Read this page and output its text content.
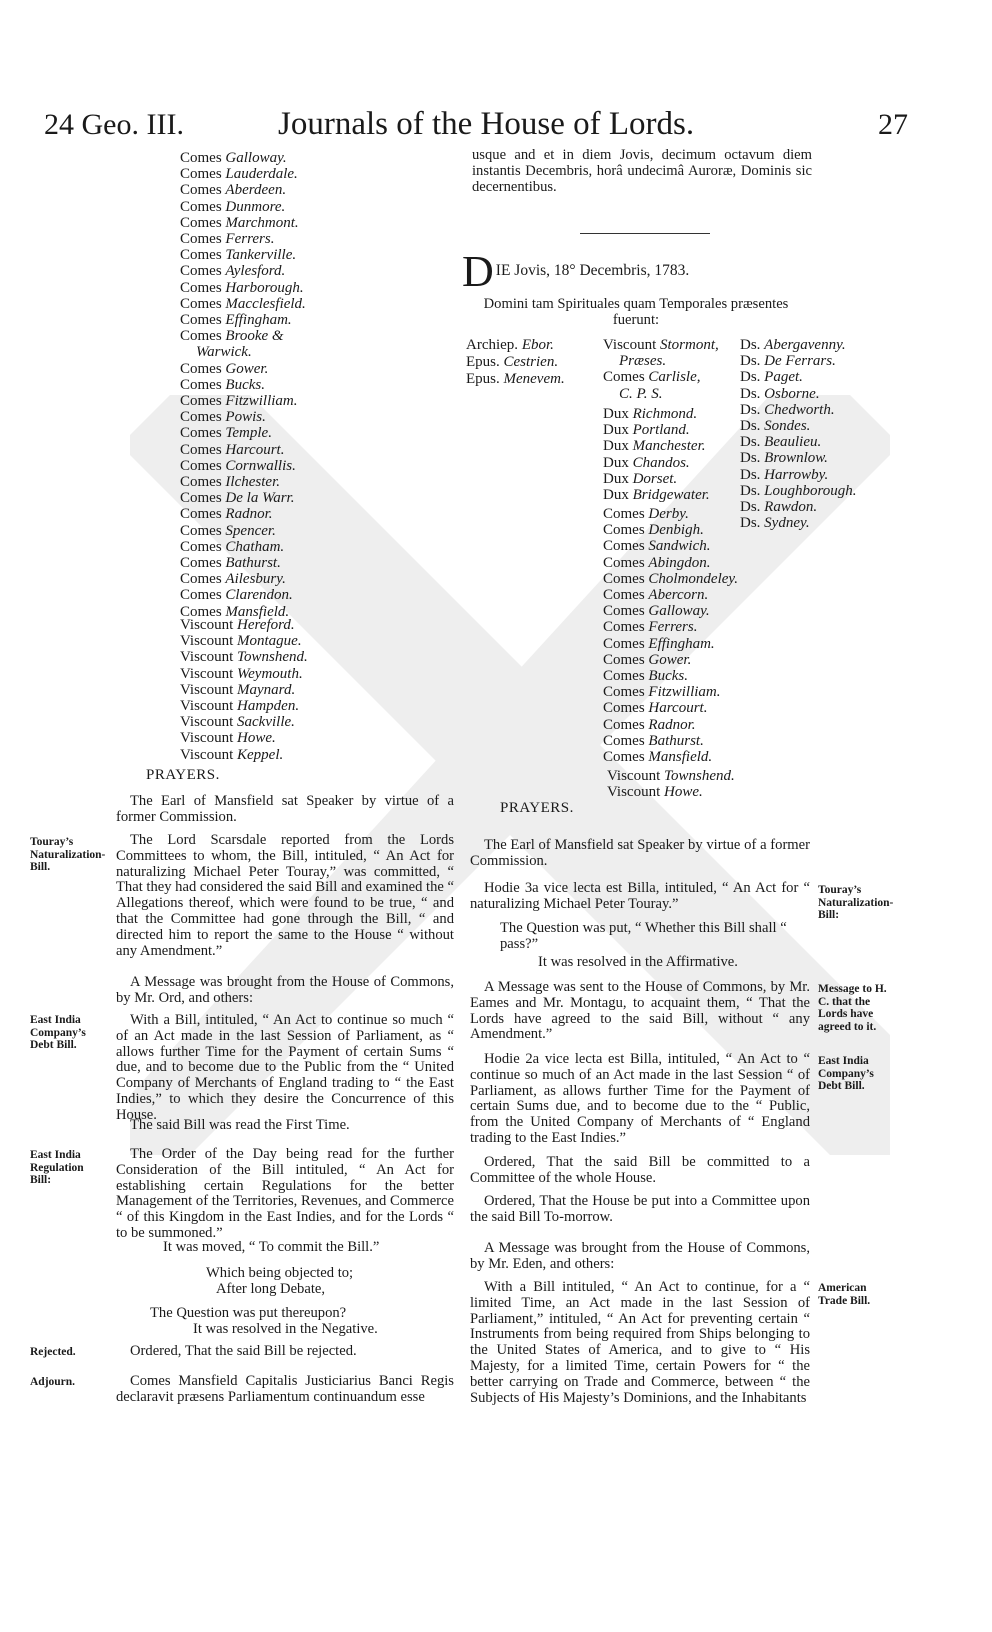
24 Geo. III.	Journals of the House of Lords.	27
Comes Galloway.
Comes Lauderdale.
Comes Aberdeen.
Comes Dunmore.
Comes Marchmont.
Comes Ferrers.
Comes Tankerville.
Comes Aylesford.
Comes Harborough.
Comes Macclesfield.
Comes Effingham.
Comes Brooke &
Warwick.
Comes Gower.
Comes Bucks.
Comes Fitzwilliam.
Comes Powis.
Comes Temple.
Comes Harcourt.
Comes Cornwallis.
Comes Ilchester.
Comes De la Warr.
Comes Radnor.
Comes Spencer.
Comes Chatham.
Comes Bathurst.
Comes Ailesbury.
Comes Clarendon.
Comes Mansfield.
Viscount Hereford.
Viscount Montague.
Viscount Townshend.
Viscount Weymouth.
Viscount Maynard.
Viscount Hampden.
Viscount Sackville.
Viscount Howe.
Viscount Keppel.
PRAYERS.
The Earl of Mansfield sat Speaker by virtue of a former Commission.
The Lord Scarsdale reported from the Lords Committees to whom, the Bill, intituled, “ An Act for naturalizing Michael Peter Touray,” was committed, “ That they had considered the said Bill and examined the “ Allegations thereof, which were found to be true, “ and that the Committee had gone through the Bill, “ and directed him to report the same to the House “ without any Amendment.”
A Message was brought from the House of Commons, by Mr. Ord, and others:
With a Bill, intituled, “ An Act to continue so much “ of an Act made in the last Session of Parliament, as “ allows further Time for the Payment of certain Sums “ due, and to become due to the Public from the “ United Company of Merchants of England trading to “ the East Indies,” to which they desire the Concurrence of this House.
The said Bill was read the First Time.
The Order of the Day being read for the further Consideration of the Bill intituled, “ An Act for establishing certain Regulations for the better Management of the Territories, Revenues, and Commerce “ of this Kingdom in the East Indies, and for the Lords “ to be summoned.”
It was moved, “ To commit the Bill.”
Which being objected to;
After long Debate,
The Question was put thereupon?
It was resolved in the Negative.
Ordered, That the said Bill be rejected.
Comes Mansfield Capitalis Justiciarius Banci Regis declaravit præsens Parliamentum continuandum esse
Touray’s Naturalization-Bill.
East India Company’s Debt Bill.
East India Regulation Bill:
Rejected.
Adjourn.
usque and et in diem Jovis, decimum octavum diem instantis Decembris, horâ undecimâ Auroræ, Dominis sic decernentibus.
D IE Jovis, 18° Decembris, 1783.
Domini tam Spirituales quam Temporales præsentes fuerunt:
Archiep. Ebor.
Epus. Cestrien.
Epus. Menevem.
Viscount Stormont,
Præses.
Comes Carlisle,
C. P. S.
Dux Richmond.
Dux Portland.
Dux Manchester.
Dux Chandos.
Dux Dorset.
Dux Bridgewater.
Comes Derby.
Comes Denbigh.
Comes Sandwich.
Comes Abingdon.
Comes Cholmondeley.
Comes Abercorn.
Comes Galloway.
Comes Ferrers.
Comes Effingham.
Comes Gower.
Comes Bucks.
Comes Fitzwilliam.
Comes Harcourt.
Comes Radnor.
Comes Bathurst.
Comes Mansfield.
Viscount Townshend.
Viscount Howe.
Ds. Abergavenny.
Ds. De Ferrars.
Ds. Paget.
Ds. Osborne.
Ds. Chedworth.
Ds. Sondes.
Ds. Beaulieu.
Ds. Brownlow.
Ds. Harrowby.
Ds. Loughborough.
Ds. Rawdon.
Ds. Sydney.
PRAYERS.
The Earl of Mansfield sat Speaker by virtue of a former Commission.
Hodie 3a vice lecta est Billa, intituled, “ An Act for “ naturalizing Michael Peter Touray.”
The Question was put, “ Whether this Bill shall “ pass?”
It was resolved in the Affirmative.
A Message was sent to the House of Commons, by Mr. Eames and Mr. Montagu, to acquaint them, “ That the Lords have agreed to the said Bill, without “ any Amendment.”
Hodie 2a vice lecta est Billa, intituled, “ An Act to “ continue so much of an Act made in the last Session “ of Parliament, as allows further Time for the Payment of certain Sums due, and to become due to the “ Public, from the United Company of Merchants of “ England trading to the East Indies.”
Ordered, That the said Bill be committed to a Committee of the whole House.
Ordered, That the House be put into a Committee upon the said Bill To-morrow.
A Message was brought from the House of Commons, by Mr. Eden, and others:
With a Bill intituled, “ An Act to continue, for a “ limited Time, an Act made in the last Session of Parliament,” intituled, “ An Act for preventing certain “ Instruments from being required from Ships belonging to the United States of America, and to give to “ His Majesty, for a limited Time, certain Powers for “ the better carrying on Trade and Commerce, between “ the Subjects of His Majesty’s Dominions, and the Inhabitants
Touray’s Naturalization-Bill:
Message to H. C. that the Lords have agreed to it.
East India Company’s Debt Bill.
American Trade Bill.
